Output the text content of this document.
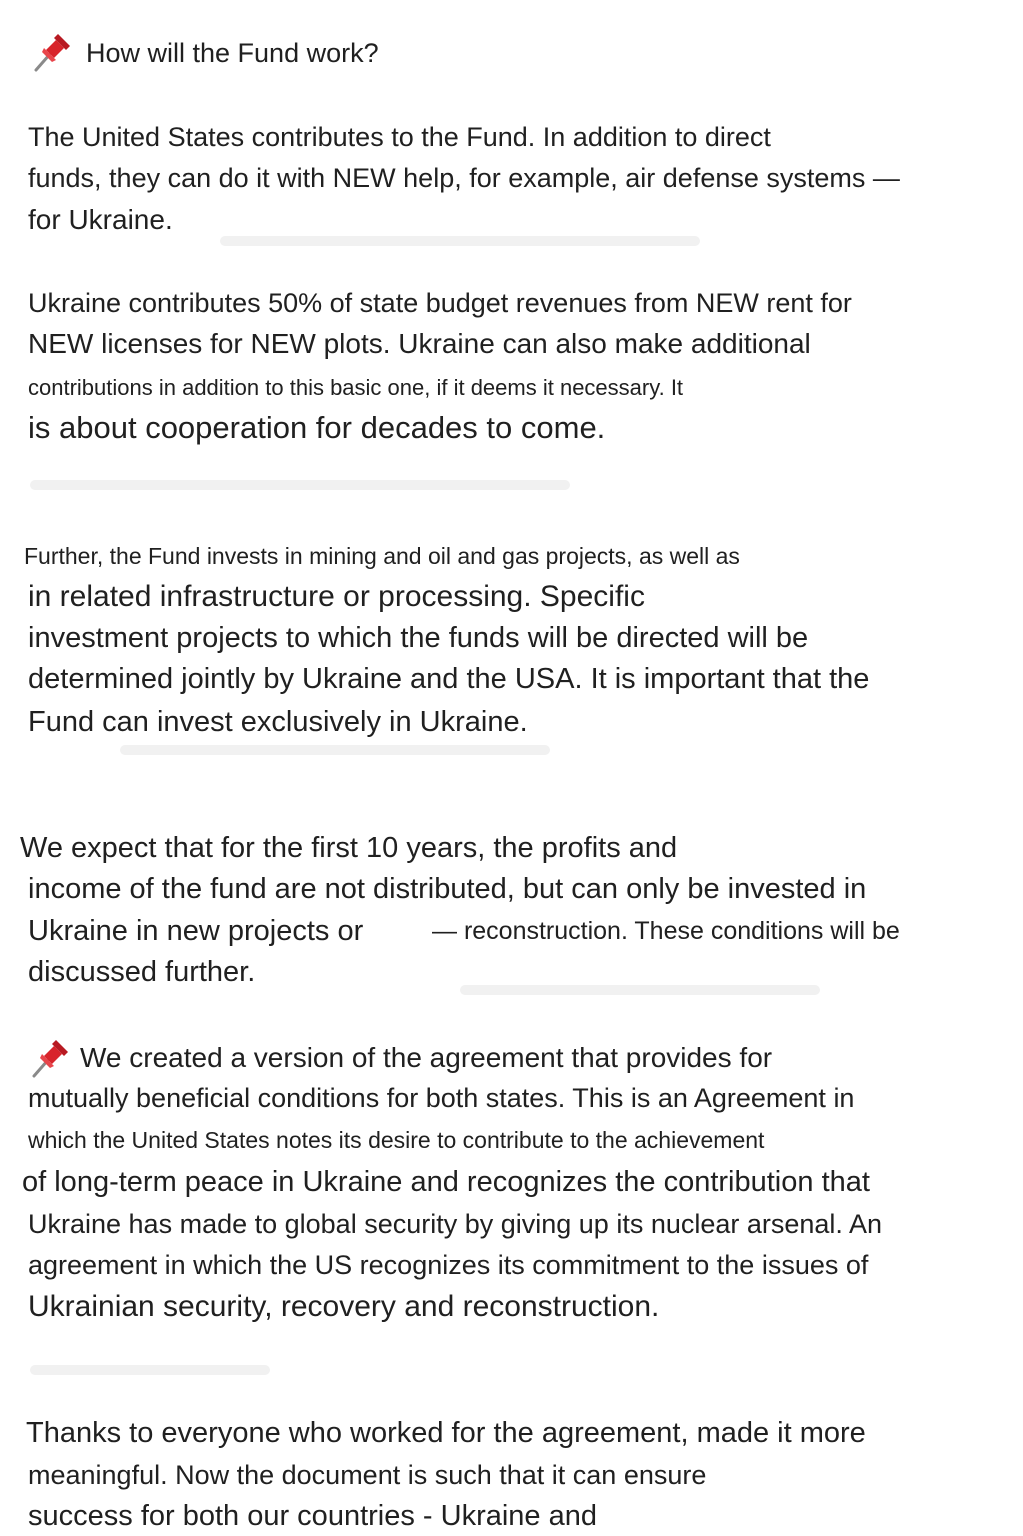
How will the Fund work?
The United States contributes to the Fund. In addition to direct
funds, they can do it with NEW help, for example, air defense systems —
for Ukraine.
Ukraine contributes 50% of state budget revenues from NEW rent for
NEW licenses for NEW plots. Ukraine can also make additional
contributions in addition to this basic one, if it deems it necessary. It
is about cooperation for decades to come.
Further, the Fund invests in mining and oil and gas projects, as well as
in related infrastructure or processing. Specific
investment projects to which the funds will be directed will be
determined jointly by Ukraine and the USA. It is important that the
Fund can invest exclusively in Ukraine.
We expect that for the first 10 years, the profits and
income of the fund are not distributed, but can only be invested in
Ukraine in new projects or	— reconstruction. These conditions will be
discussed further.
We created a version of the agreement that provides for
mutually beneficial conditions for both states. This is an Agreement in
which the United States notes its desire to contribute to the achievement
of long-term peace in Ukraine and recognizes the contribution that
Ukraine has made to global security by giving up its nuclear arsenal. An
agreement in which the US recognizes its commitment to the issues of
Ukrainian security, recovery and reconstruction.
Thanks to everyone who worked for the agreement, made it more
meaningful. Now the document is such that it can ensure
success for both our countries - Ukraine and
